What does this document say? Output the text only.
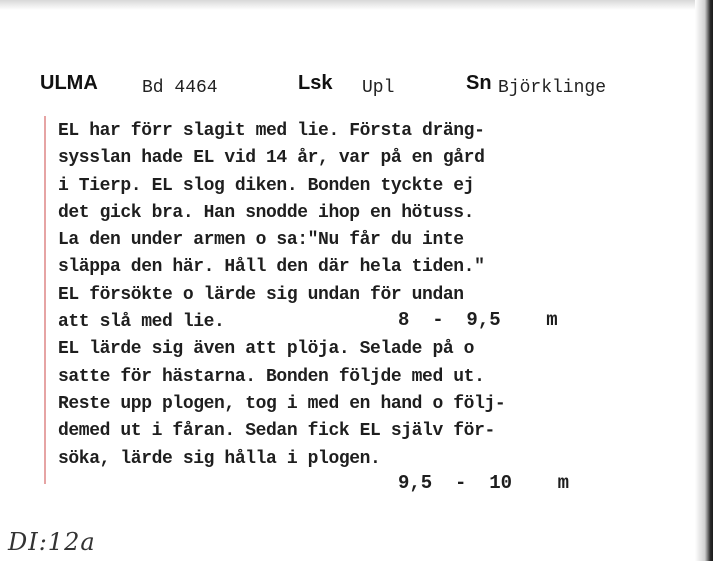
ULMA Bd 4464	Lsk Upl	Sn Björklinge
EL har förr slagit med lie. Första dräng-
sysslan hade EL vid 14 år, var på en gård
i Tierp. EL slog diken. Bonden tyckte ej
det gick bra. Han snodde ihop en hötuss.
La den under armen o sa:"Nu får du inte
släppa den här. Håll den där hela tiden."
EL försökte o lärde sig undan för undan
att slå med lie.
EL lärde sig även att plöja. Selade på o
satte för hästarna. Bonden följde med ut.
Reste upp plogen, tog i med en hand o följ-
demed ut i fåran. Sedan fick EL själv för-
söka, lärde sig hålla i plogen.
8  -  9,5    m
9,5  -  10    m
DI:12a
